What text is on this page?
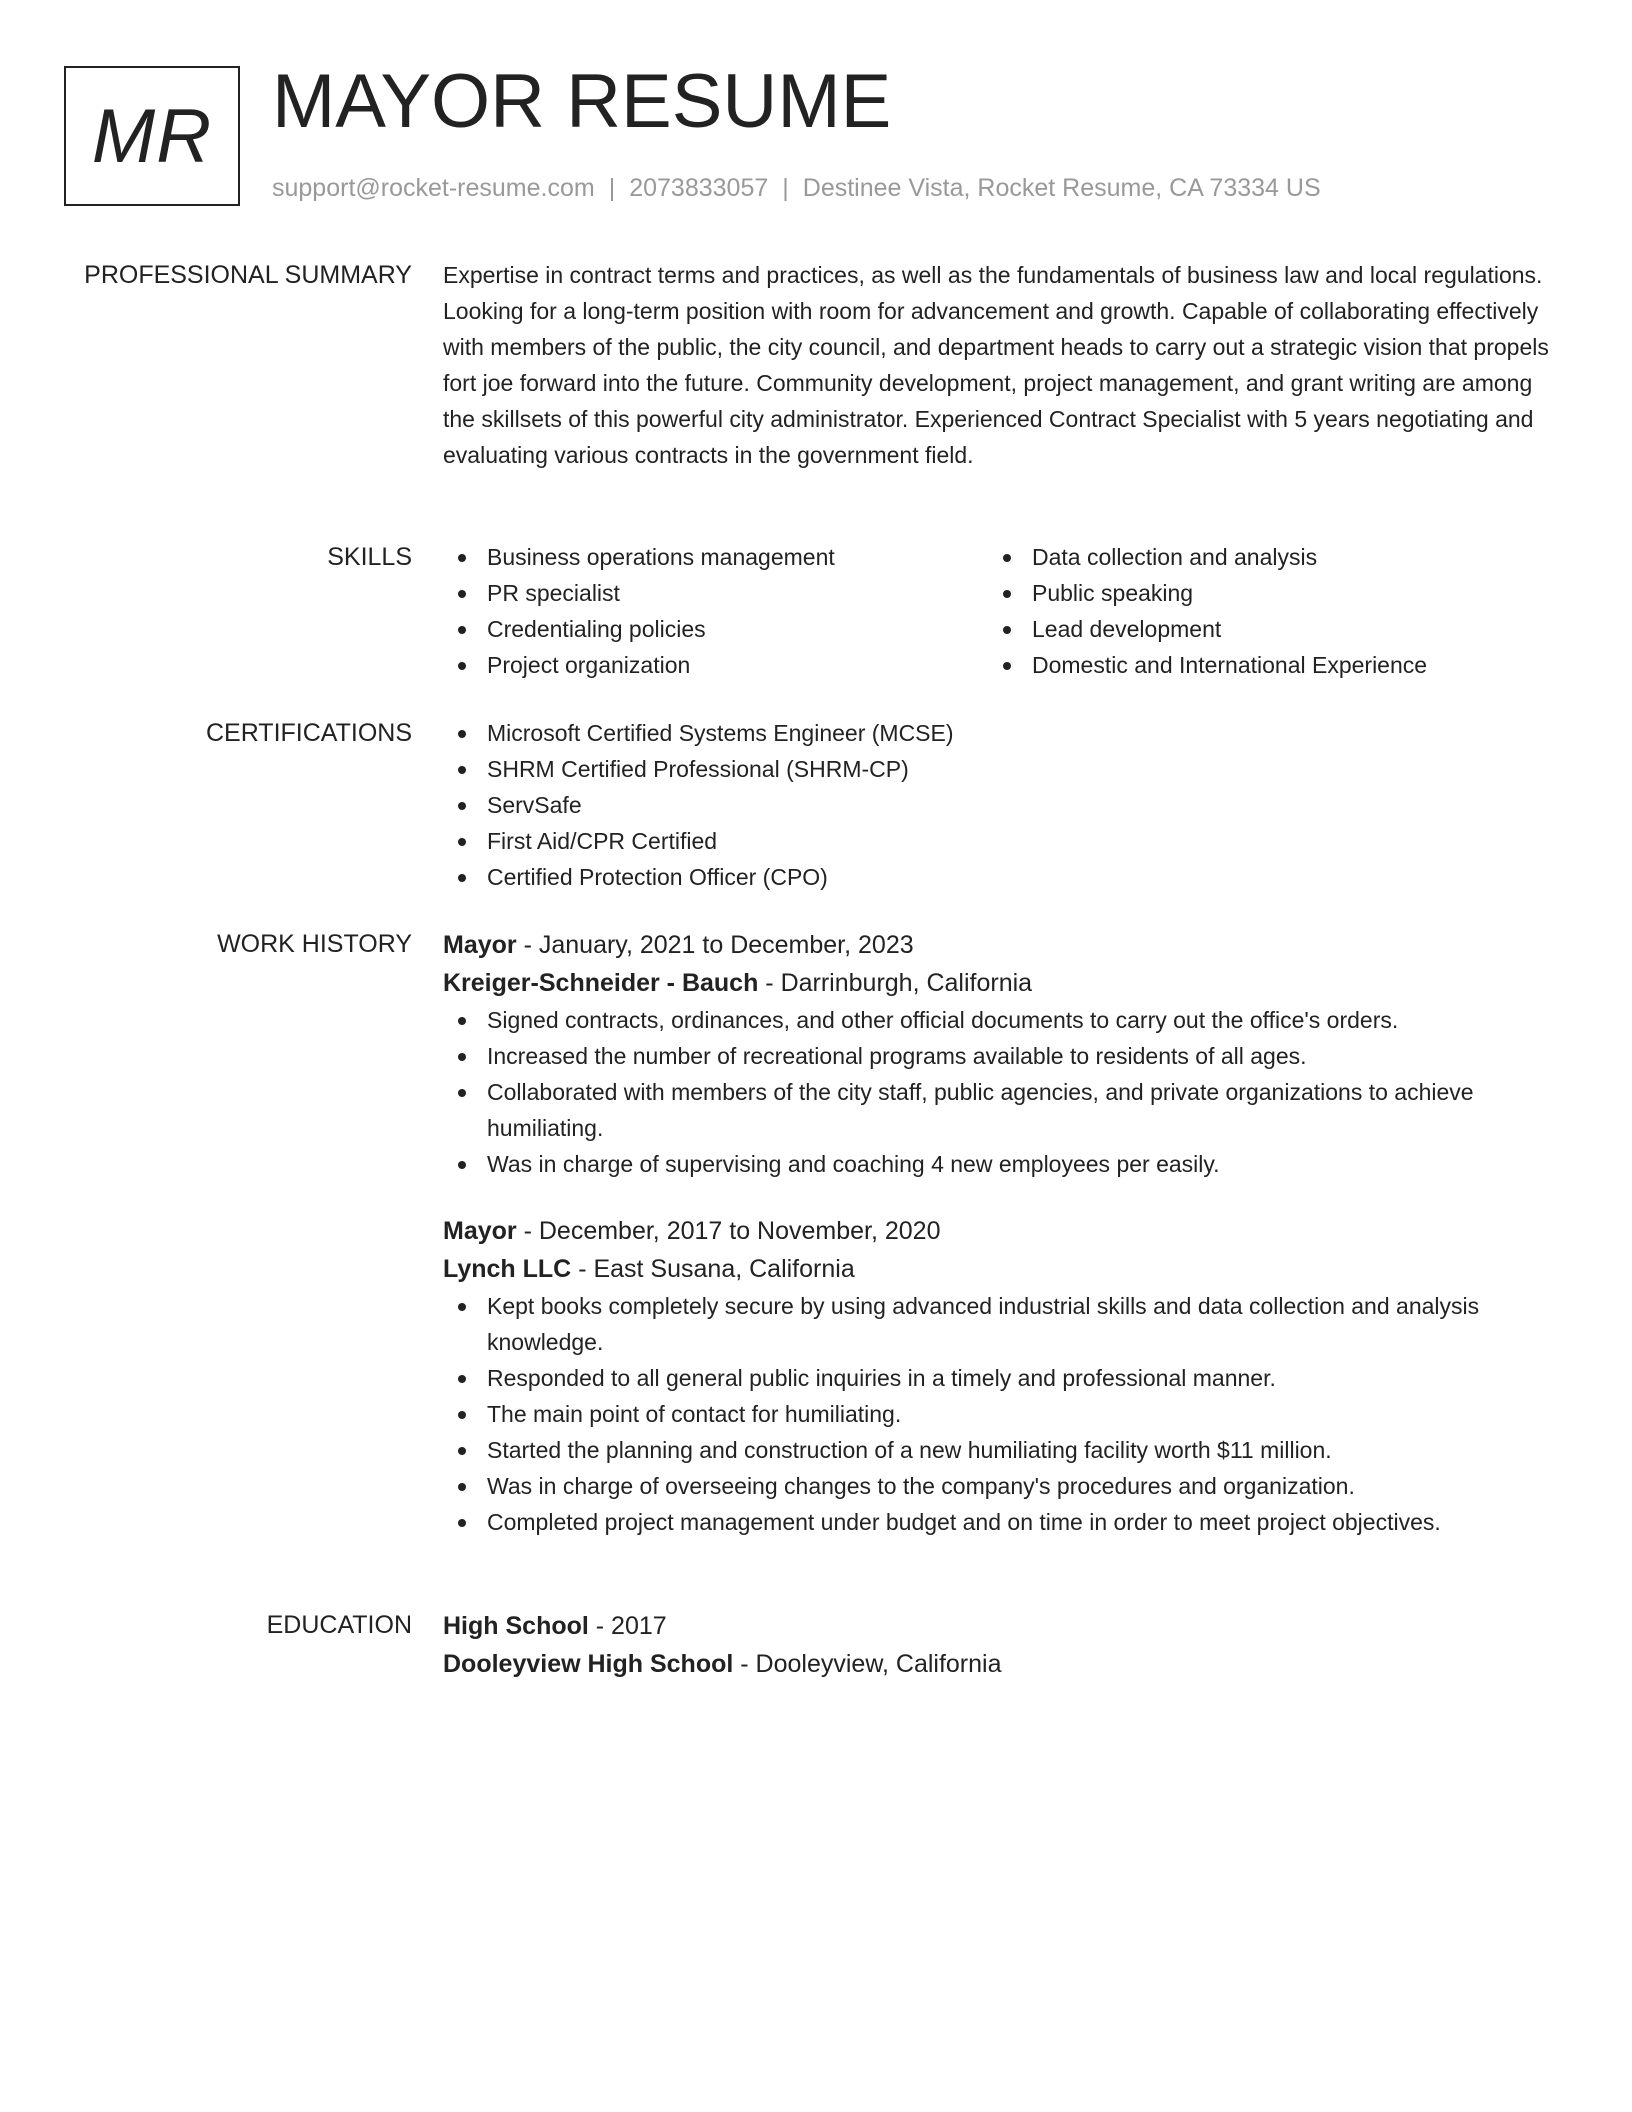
MR MAYOR RESUME
support@rocket-resume.com | 2073833057 | Destinee Vista, Rocket Resume, CA 73334 US
PROFESSIONAL SUMMARY Expertise in contract terms and practices, as well as the fundamentals of business law and local regulations. Looking for a long-term position with room for advancement and growth. Capable of collaborating effectively with members of the public, the city council, and department heads to carry out a strategic vision that propels fort joe forward into the future. Community development, project management, and grant writing are among the skillsets of this powerful city administrator. Experienced Contract Specialist with 5 years negotiating and evaluating various contracts in the government field.

SKILLS	Business operations management
PR specialist
Credentialing policies
Project organization
Data collection and analysis
Public speaking
Lead development
Domestic and International Experience
CERTIFICATIONS	Microsoft Certified Systems Engineer (MCSE)
SHRM Certified Professional (SHRM-CP)
ServSafe
First Aid/CPR Certified
Certified Protection Officer (CPO)
WORK HISTORY Mayor - January, 2021 to December, 2023
Kreiger-Schneider - Bauch - Darrinburgh, California
Signed contracts, ordinances, and other official documents to carry out the office's orders.
Increased the number of recreational programs available to residents of all ages.
Collaborated with members of the city staff, public agencies, and private organizations to achieve humiliating.
Was in charge of supervising and coaching 4 new employees per easily.
Mayor - December, 2017 to November, 2020
Lynch LLC - East Susana, California
Kept books completely secure by using advanced industrial skills and data collection and analysis knowledge.
Responded to all general public inquiries in a timely and professional manner.
The main point of contact for humiliating.
Started the planning and construction of a new humiliating facility worth $11 million.
Was in charge of overseeing changes to the company's procedures and organization.
Completed project management under budget and on time in order to meet project objectives.
EDUCATION High School - 2017
Dooleyview High School - Dooleyview, California
